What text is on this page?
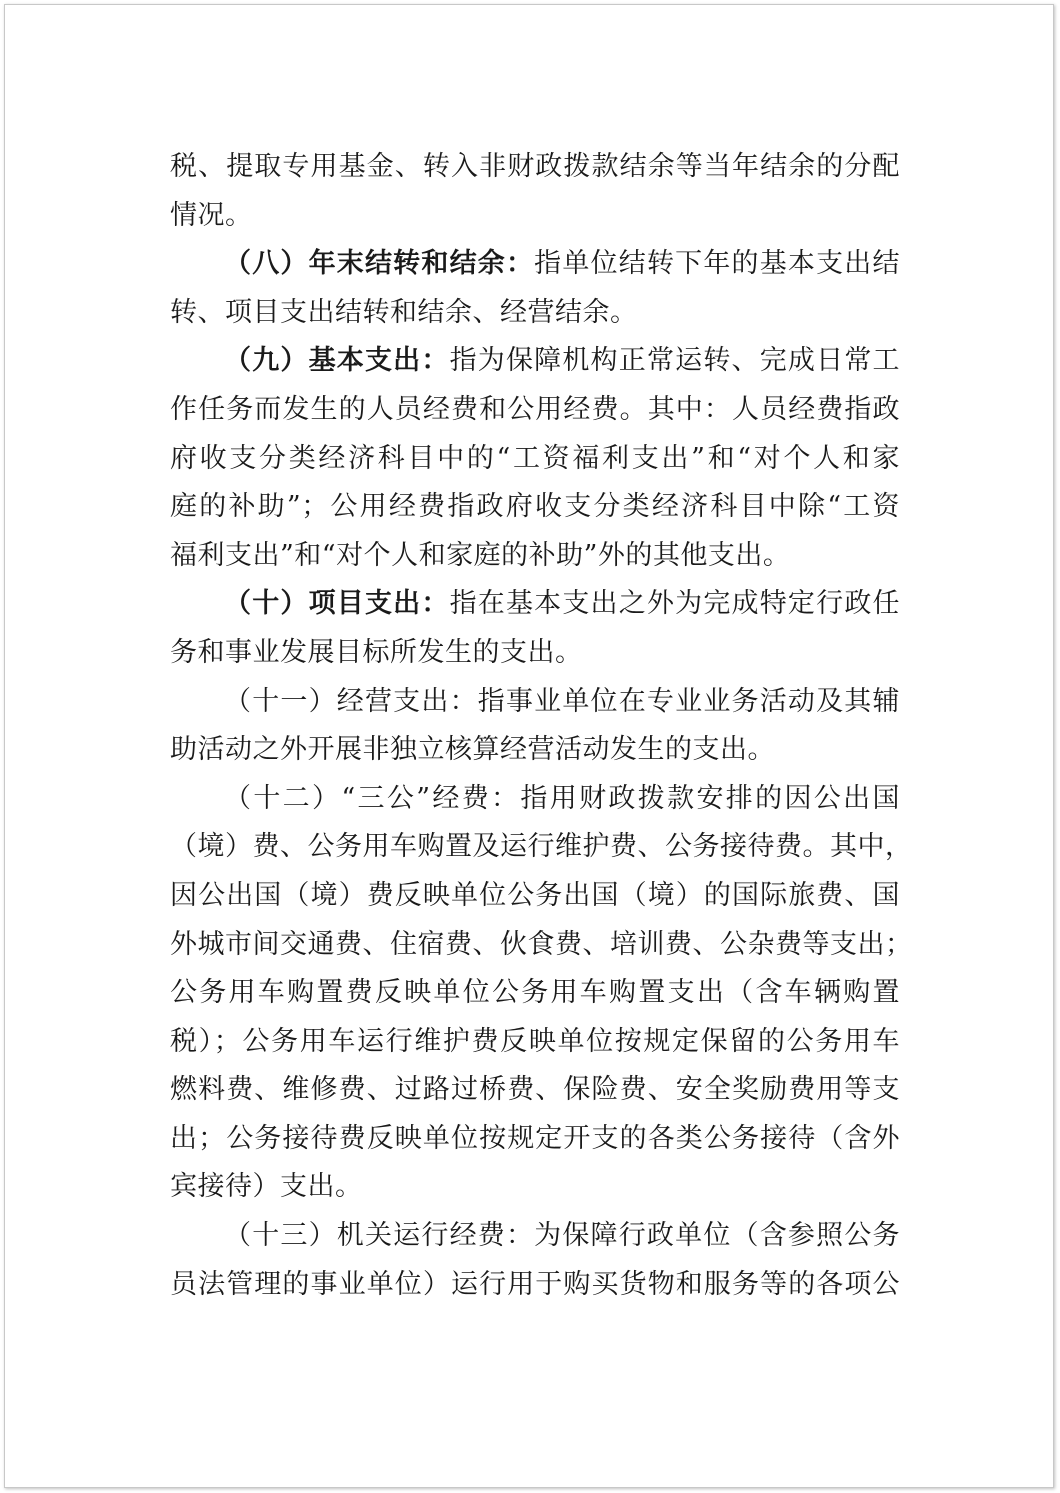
税、提取专用基金、转入非财政拨款结余等当年结余的分配
情况。
（八）年末结转和结余：指单位结转下年的基本支出结
转、项目支出结转和结余、经营结余。
（九）基本支出：指为保障机构正常运转、完成日常工
作任务而发生的人员经费和公用经费。其中：人员经费指政
府收支分类经济科目中的“工资福利支出”和“对个人和家
庭的补助”；公用经费指政府收支分类经济科目中除“工资
福利支出”和“对个人和家庭的补助”外的其他支出。
（十）项目支出：指在基本支出之外为完成特定行政任
务和事业发展目标所发生的支出。
（十一）经营支出：指事业单位在专业业务活动及其辅
助活动之外开展非独立核算经营活动发生的支出。
（十二）“三公”经费：指用财政拨款安排的因公出国
（境）费、公务用车购置及运行维护费、公务接待费。其中，
因公出国（境）费反映单位公务出国（境）的国际旅费、国
外城市间交通费、住宿费、伙食费、培训费、公杂费等支出；
公务用车购置费反映单位公务用车购置支出（含车辆购置
税）；公务用车运行维护费反映单位按规定保留的公务用车
燃料费、维修费、过路过桥费、保险费、安全奖励费用等支
出；公务接待费反映单位按规定开支的各类公务接待（含外
宾接待）支出。
（十三）机关运行经费：为保障行政单位（含参照公务
员法管理的事业单位）运行用于购买货物和服务等的各项公
